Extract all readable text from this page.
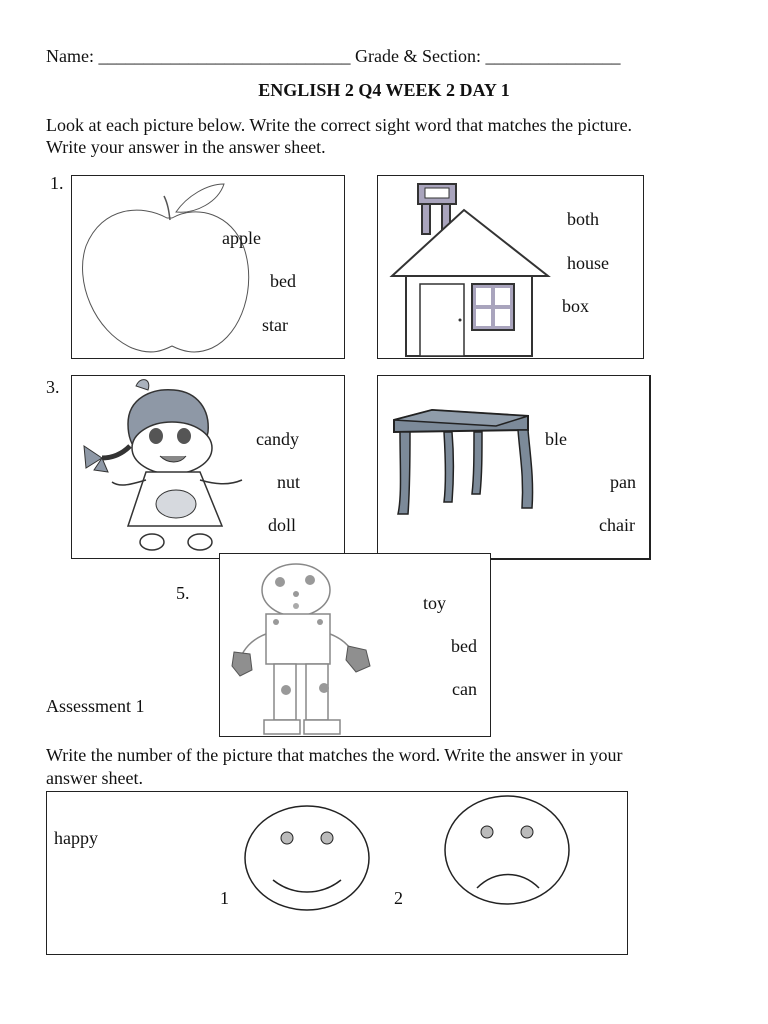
Name: ____________________________ Grade & Section: _______________
ENGLISH 2 Q4 WEEK 2 DAY 1
Look at each picture below. Write the correct sight word that matches the picture.
Write your answer in the answer sheet.
1.
apple
bed
star
both
house
box
3.
candy
nut
doll
ble
pan
chair
5.	toy
bed
can
Assessment 1
Write the number of the picture that matches the word. Write the answer in your
answer sheet.
happy
1	2
